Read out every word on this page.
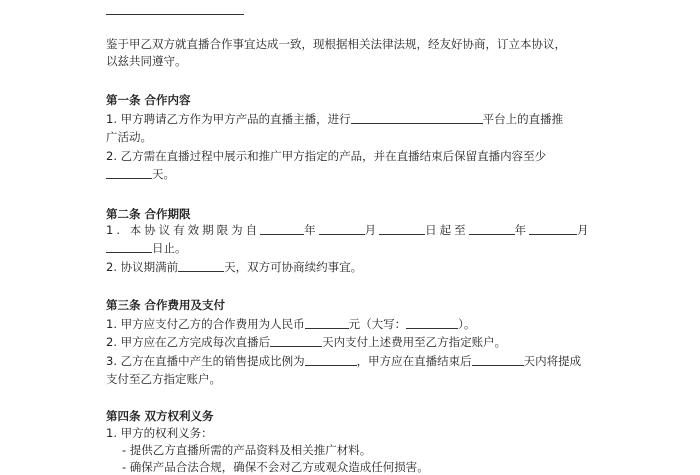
鉴于甲乙双方就直播合作事宜达成一致，现根据相关法律法规，经友好协商，订立本协议，
以兹共同遵守。
第一条 合作内容
1. 甲方聘请乙方作为甲方产品的直播主播，进行	平台上的直播推
广活动。
2. 乙方需在直播过程中展示和推广甲方指定的产品，并在直播结束后保留直播内容至少
天。
第二条 合作期限
1. 本协议有效期限为自	年	月	日起至	年	月
日止。
2. 协议期满前	天，双方可协商续约事宜。
第三条 合作费用及支付
1. 甲方应支付乙方的合作费用为人民币	元（大写：	）。
2. 甲方应在乙方完成每次直播后	天内支付上述费用至乙方指定账户。
3. 乙方在直播中产生的销售提成比例为	，甲方应在直播结束后	天内将提成
支付至乙方指定账户。
第四条 双方权利义务
1. 甲方的权利义务：
- 提供乙方直播所需的产品资料及相关推广材料。
- 确保产品合法合规，确保不会对乙方或观众造成任何损害。
